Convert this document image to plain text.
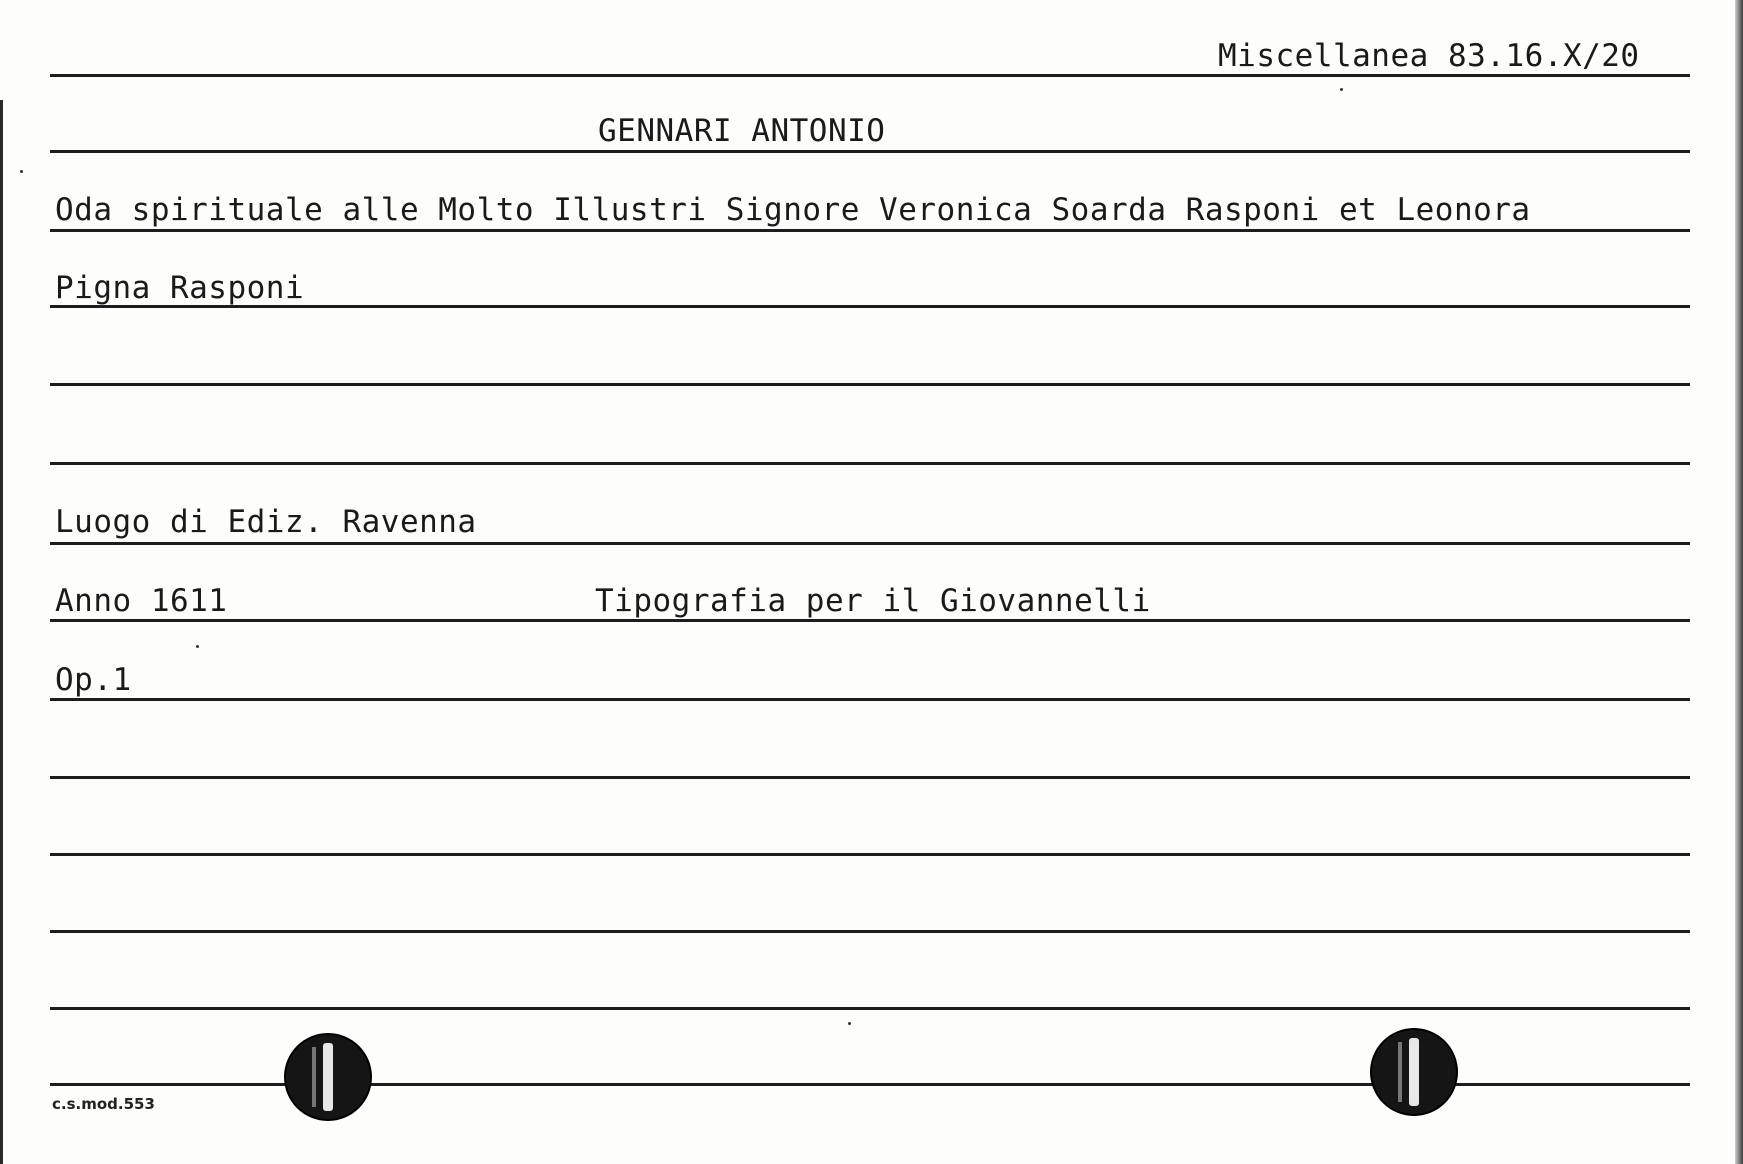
Miscellanea 83.16.X/20
GENNARI ANTONIO
Oda spirituale alle Molto Illustri Signore Veronica Soarda Rasponi et Leonora
Pigna Rasponi
Luogo di Ediz. Ravenna
Anno 1611	Tipografia per il Giovannelli
Op.1
c.s.mod.553
